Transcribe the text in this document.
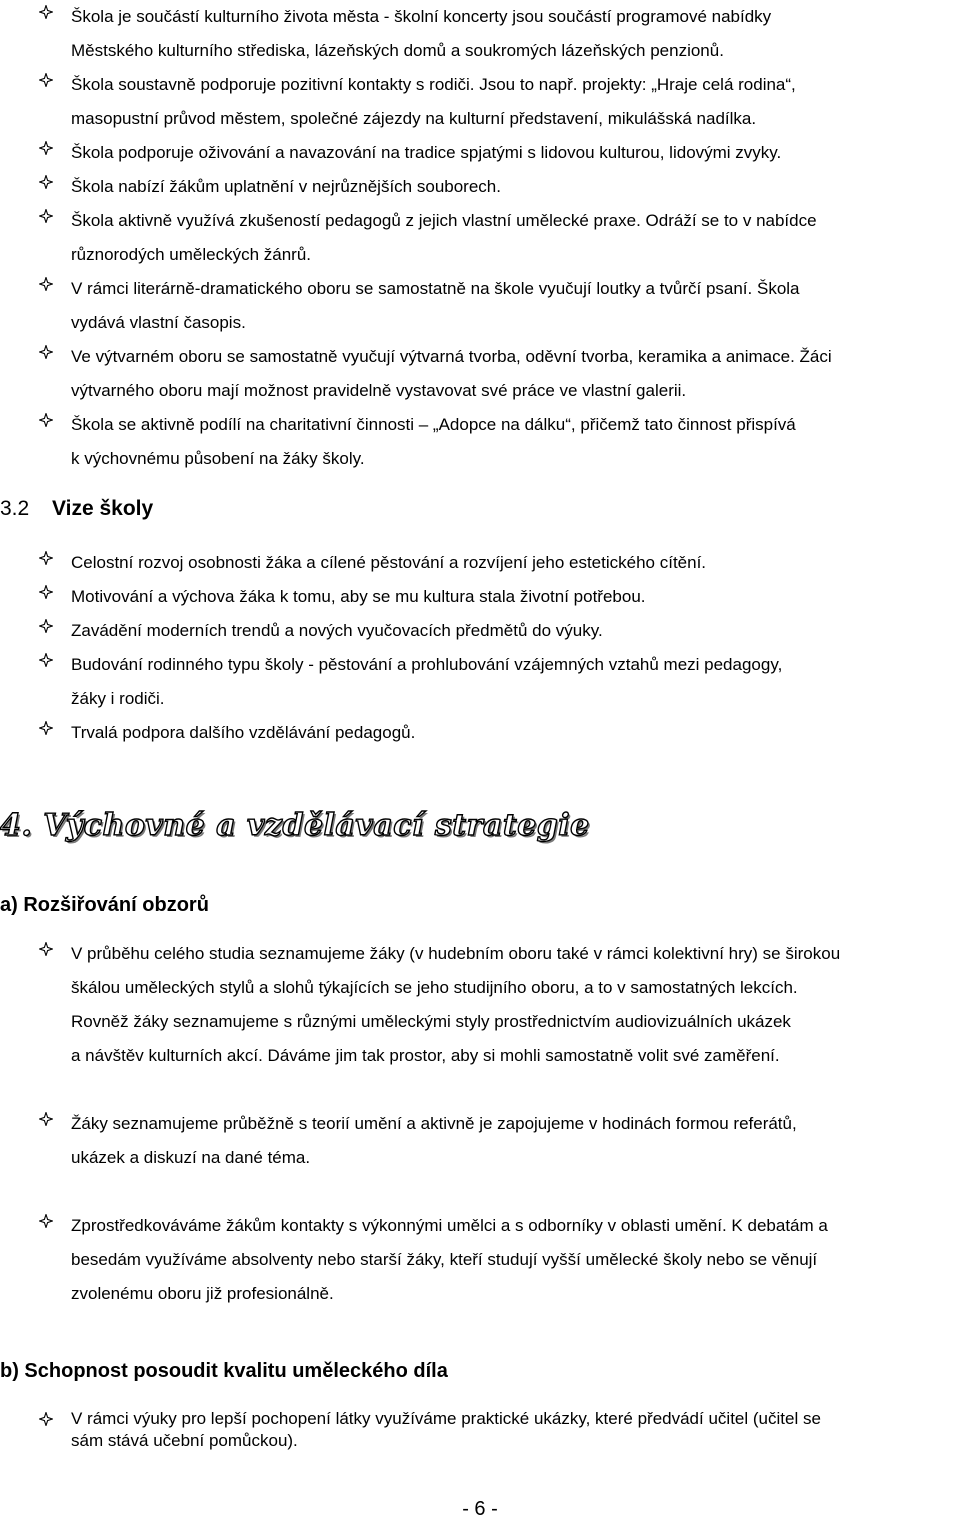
Škola je součástí kulturního života města - školní koncerty jsou součástí programové nabídky
Městského kulturního střediska, lázeňských domů a soukromých lázeňských penzionů.
Škola soustavně podporuje pozitivní kontakty s rodiči. Jsou to např. projekty: „Hraje celá rodina“,
masopustní průvod městem, společné zájezdy na kulturní představení, mikulášská nadílka.
Škola podporuje oživování a navazování na tradice spjatými s lidovou kulturou, lidovými zvyky.
Škola nabízí žákům uplatnění v nejrůznějších souborech.
Škola aktivně využívá zkušeností pedagogů z jejich vlastní umělecké praxe. Odráží se to v nabídce
různorodých uměleckých žánrů.
V rámci literárně-dramatického oboru se samostatně na škole vyučují loutky a tvůrčí psaní. Škola
vydává vlastní časopis.
Ve výtvarném oboru se samostatně vyučují výtvarná tvorba, oděvní tvorba, keramika a animace. Žáci
výtvarného oboru mají možnost pravidelně vystavovat své práce ve vlastní galerii.
Škola se aktivně podílí na charitativní činnosti – „Adopce na dálku“, přičemž tato činnost přispívá
k výchovnému působení na žáky školy.
3.2 Vize školy
Celostní rozvoj osobnosti žáka a cílené pěstování a rozvíjení jeho estetického cítění.
Motivování a výchova žáka k tomu, aby se mu kultura stala životní potřebou.
Zavádění moderních trendů a nových vyučovacích předmětů do výuky.
Budování rodinného typu školy - pěstování a prohlubování vzájemných vztahů mezi pedagogy,
žáky i rodiči.
Trvalá podpora dalšího vzdělávání pedagogů.
4. Výchovné a vzdělávací strategie
a) Rozšiřování obzorů
V průběhu celého studia seznamujeme žáky (v hudebním oboru také v rámci kolektivní hry) se širokou
škálou uměleckých stylů a slohů týkajících se jeho studijního oboru, a to v samostatných lekcích.
Rovněž žáky seznamujeme s různými uměleckými styly prostřednictvím audiovizuálních ukázek
a návštěv kulturních akcí. Dáváme jim tak prostor, aby si mohli samostatně volit své zaměření.
Žáky seznamujeme průběžně s teorií umění a aktivně je zapojujeme v hodinách formou referátů,
ukázek a diskuzí na dané téma.
Zprostředkováváme žákům kontakty s výkonnými umělci a s odborníky v oblasti umění. K debatám a
besedám využíváme absolventy nebo starší žáky, kteří studují vyšší umělecké školy nebo se věnují
zvolenému oboru již profesionálně.
b) Schopnost posoudit kvalitu uměleckého díla
V rámci výuky pro lepší pochopení látky využíváme praktické ukázky, které předvádí učitel (učitel se
sám stává učební pomůckou).
- 6 -
